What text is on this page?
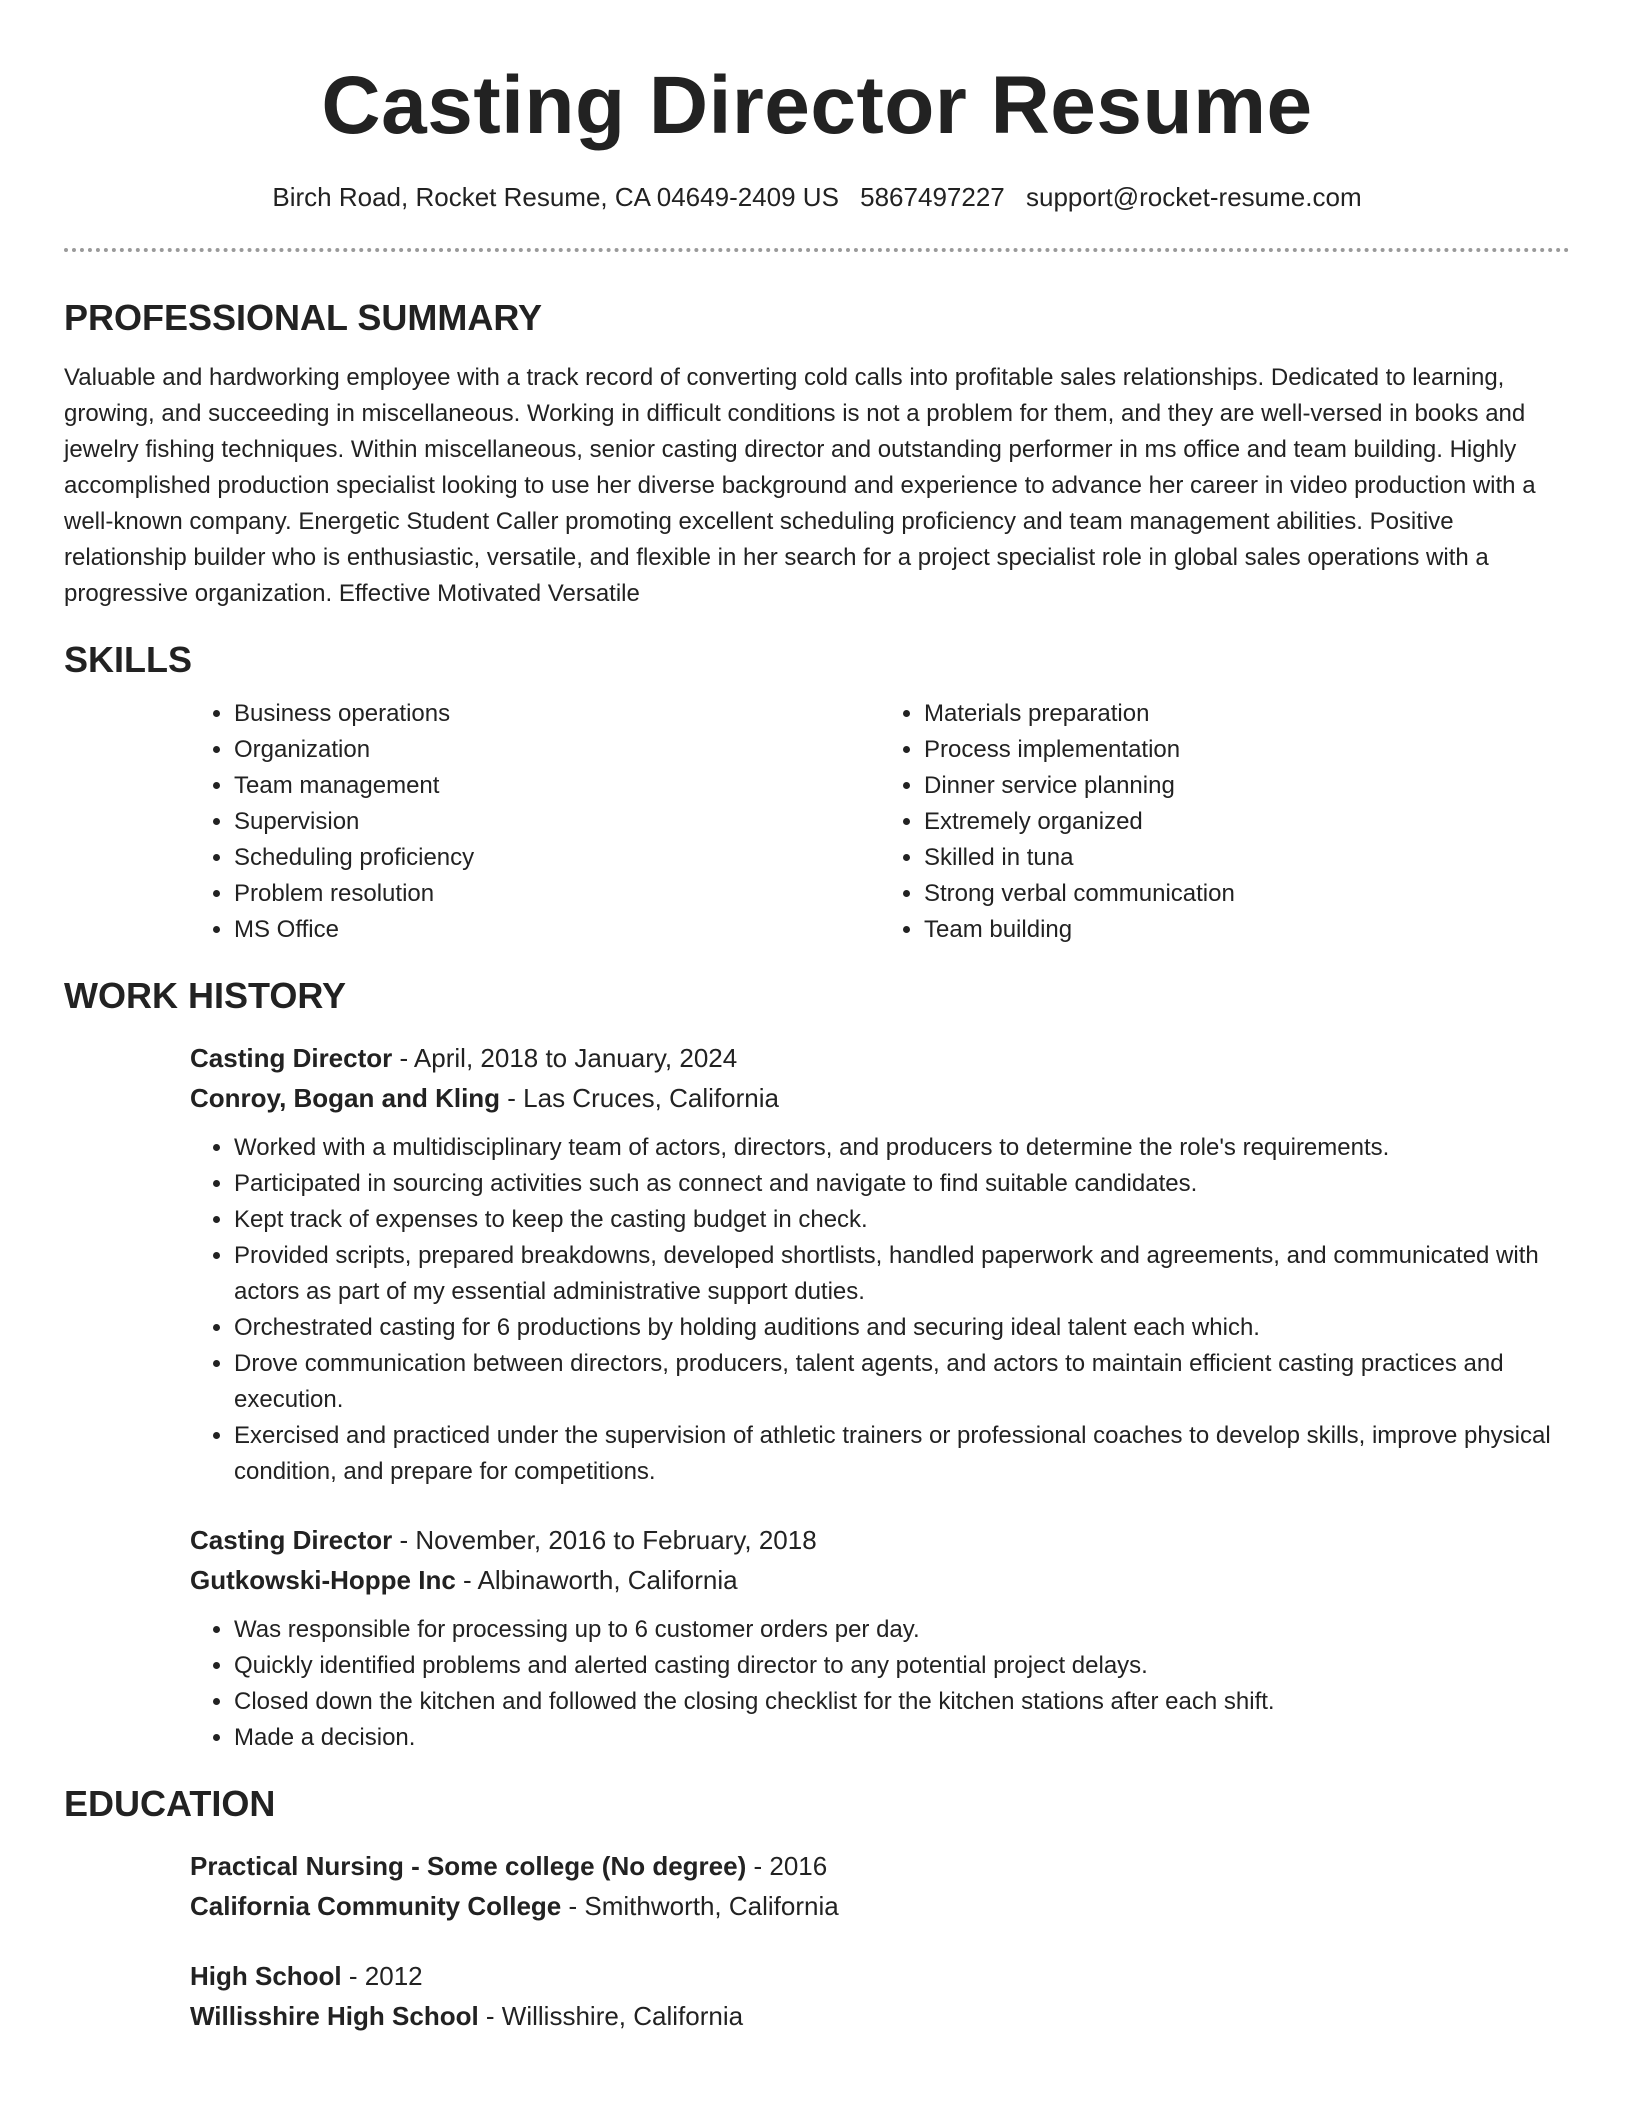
Casting Director Resume
Birch Road, Rocket Resume, CA 04649-2409 US 5867497227 support@rocket-resume.com
PROFESSIONAL SUMMARY

Valuable and hardworking employee with a track record of converting cold calls into profitable sales relationships. Dedicated to learning, growing, and succeeding in miscellaneous. Working in difficult conditions is not a problem for them, and they are well-versed in books and jewelry fishing techniques. Within miscellaneous, senior casting director and outstanding performer in ms office and team building. Highly accomplished production specialist looking to use her diverse background and experience to advance her career in video production with a well-known company. Energetic Student Caller promoting excellent scheduling proficiency and team management abilities. Positive relationship builder who is enthusiastic, versatile, and flexible in her search for a project specialist role in global sales operations with a progressive organization. Effective Motivated Versatile

SKILLS
• Business operations
• Organization
• Team management
• Supervision
• Scheduling proficiency
• Problem resolution
• MS Office
• Materials preparation
• Process implementation
• Dinner service planning
• Extremely organized
• Skilled in tuna
• Strong verbal communication
• Team building
WORK HISTORY
Casting Director - April, 2018 to January, 2024
Conroy, Bogan and Kling - Las Cruces, California
• Worked with a multidisciplinary team of actors, directors, and producers to determine the role's requirements.
• Participated in sourcing activities such as connect and navigate to find suitable candidates.
• Kept track of expenses to keep the casting budget in check.
• Provided scripts, prepared breakdowns, developed shortlists, handled paperwork and agreements, and communicated with actors as part of my essential administrative support duties.
• Orchestrated casting for 6 productions by holding auditions and securing ideal talent each which.
• Drove communication between directors, producers, talent agents, and actors to maintain efficient casting practices and execution.
• Exercised and practiced under the supervision of athletic trainers or professional coaches to develop skills, improve physical condition, and prepare for competitions.
Casting Director - November, 2016 to February, 2018
Gutkowski-Hoppe Inc - Albinaworth, California
• Was responsible for processing up to 6 customer orders per day.
• Quickly identified problems and alerted casting director to any potential project delays.
• Closed down the kitchen and followed the closing checklist for the kitchen stations after each shift.
• Made a decision.
EDUCATION
Practical Nursing - Some college (No degree) - 2016
California Community College - Smithworth, California
High School - 2012
Willisshire High School - Willisshire, California
